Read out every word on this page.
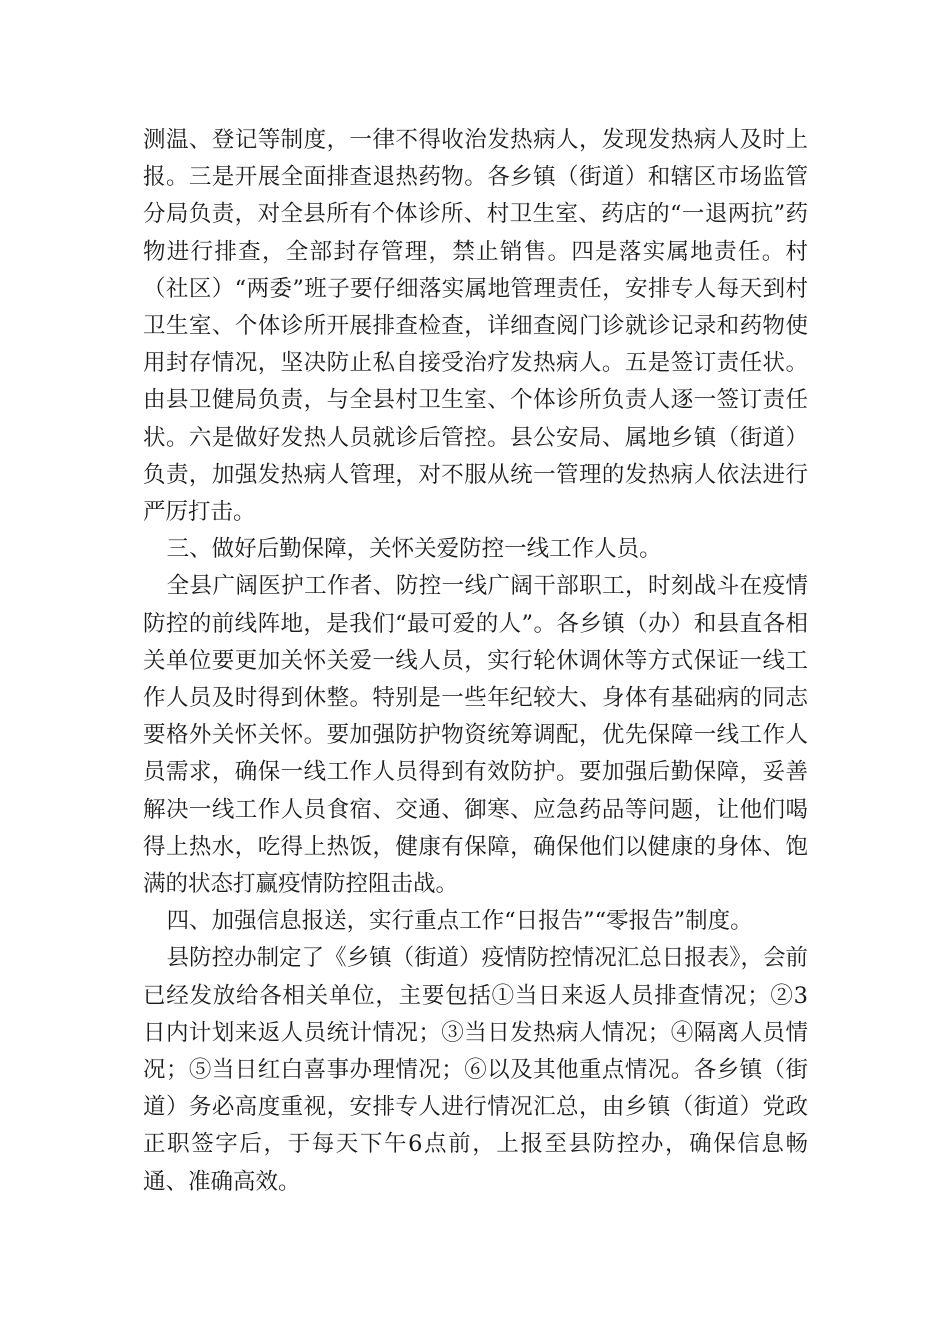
测温、登记等制度，一律不得收治发热病人，发现发热病人及时上报。三是开展全面排查退热药物。各乡镇（街道）和辖区市场监管分局负责，对全县所有个体诊所、村卫生室、药店的“一退两抗”药物进行排查，全部封存管理，禁止销售。四是落实属地责任。村（社区）“两委”班子要仔细落实属地管理责任，安排专人每天到村卫生室、个体诊所开展排查检查，详细查阅门诊就诊记录和药物使用封存情况，坚决防止私自接受治疗发热病人。五是签订责任状。由县卫健局负责，与全县村卫生室、个体诊所负责人逐一签订责任状。六是做好发热人员就诊后管控。县公安局、属地乡镇（街道）负责，加强发热病人管理，对不服从统一管理的发热病人依法进行严厉打击。

三、做好后勤保障，关怀关爱防控一线工作人员。

全县广阔医护工作者、防控一线广阔干部职工，时刻战斗在疫情防控的前线阵地，是我们“最可爱的人”。各乡镇（办）和县直各相关单位要更加关怀关爱一线人员，实行轮休调休等方式保证一线工作人员及时得到休整。特别是一些年纪较大、身体有基础病的同志要格外关怀关怀。要加强防护物资统筹调配，优先保障一线工作人员需求，确保一线工作人员得到有效防护。要加强后勤保障，妥善解决一线工作人员食宿、交通、御寒、应急药品等问题，让他们喝得上热水，吃得上热饭，健康有保障，确保他们以健康的身体、饱满的状态打赢疫情防控阻击战。

四、加强信息报送，实行重点工作“日报告”“零报告”制度。

县防控办制定了《乡镇（街道）疫情防控情况汇总日报表》，会前已经发放给各相关单位，主要包括①当日来返人员排查情况；②3日内计划来返人员统计情况；③当日发热病人情况；④隔离人员情况；⑤当日红白喜事办理情况；⑥以及其他重点情况。各乡镇（街道）务必高度重视，安排专人进行情况汇总，由乡镇（街道）党政正职签字后，于每天下午6点前，上报至县防控办，确保信息畅通、准确高效。
